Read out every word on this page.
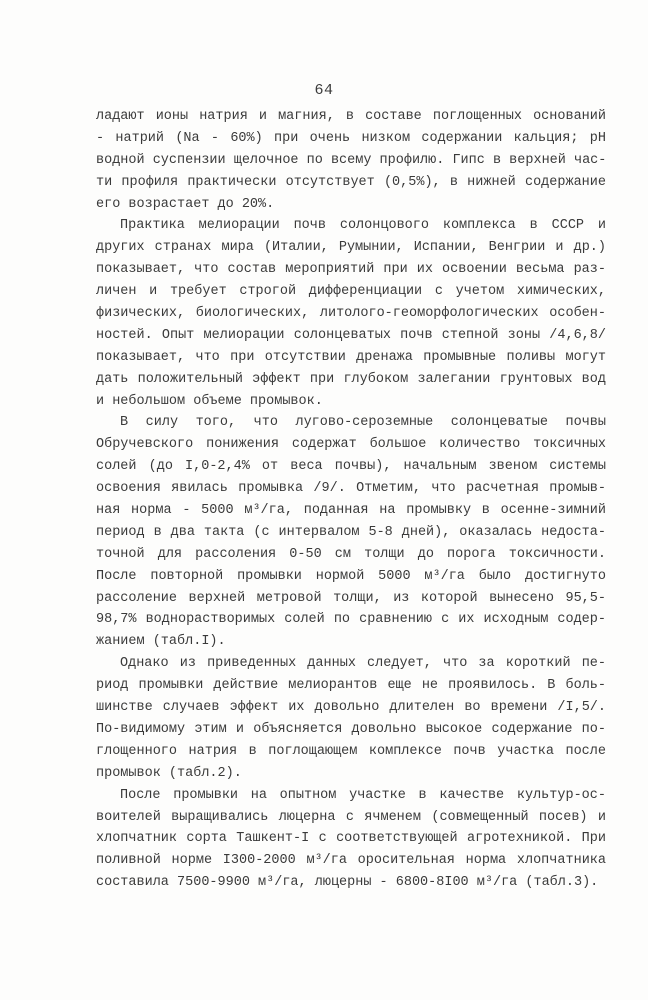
64
ладают ионы натрия и магния, в составе поглощенных оснований
- натрий (Na - 60%) при очень низком содержании кальция; pH
водной суспензии щелочное по всему профилю. Гипс в верхней час-
ти профиля практически отсутствует (0,5%), в нижней содержание
его возрастает до 20%.
Практика мелиорации почв солонцового комплекса в СССР и
других странах мира (Италии, Румынии, Испании, Венгрии и др.)
показывает, что состав мероприятий при их освоении весьма раз-
личен и требует строгой дифференциации с учетом химических,
физических, биологических, литолого-геоморфологических особен-
ностей. Опыт мелиорации солонцеватых почв степной зоны /4,6,8/
показывает, что при отсутствии дренажа промывные поливы могут
дать положительный эффект при глубоком залегании грунтовых вод
и небольшом объеме промывок.
В силу того, что лугово-сероземные солонцеватые почвы
Обручевского понижения содержат большое количество токсичных
солей (до I,0-2,4% от веса почвы), начальным звеном системы
освоения явилась промывка /9/. Отметим, что расчетная промыв-
ная норма - 5000 м³/га, поданная на промывку в осенне-зимний
период в два такта (с интервалом 5-8 дней), оказалась недоста-
точной для рассоления 0-50 см толщи до порога токсичности.
После повторной промывки нормой 5000 м³/га было достигнуто
рассоление верхней метровой толщи, из которой вынесено 95,5-
98,7% воднорастворимых солей по сравнению с их исходным содер-
жанием (табл.I).
Однако из приведенных данных следует, что за короткий пе-
риод промывки действие мелиорантов еще не проявилось. В боль-
шинстве случаев эффект их довольно длителен во времени /I,5/.
По-видимому этим и объясняется довольно высокое содержание по-
глощенного натрия в поглощающем комплексе почв участка после
промывок (табл.2).
После промывки на опытном участке в качестве культур-ос-
воителей выращивались люцерна с ячменем (совмещенный посев) и
хлопчатник сорта Ташкент-I с соответствующей агротехникой. При
поливной норме I300-2000 м³/га оросительная норма хлопчатника
составила 7500-9900 м³/га, люцерны - 6800-8I00 м³/га (табл.3).
